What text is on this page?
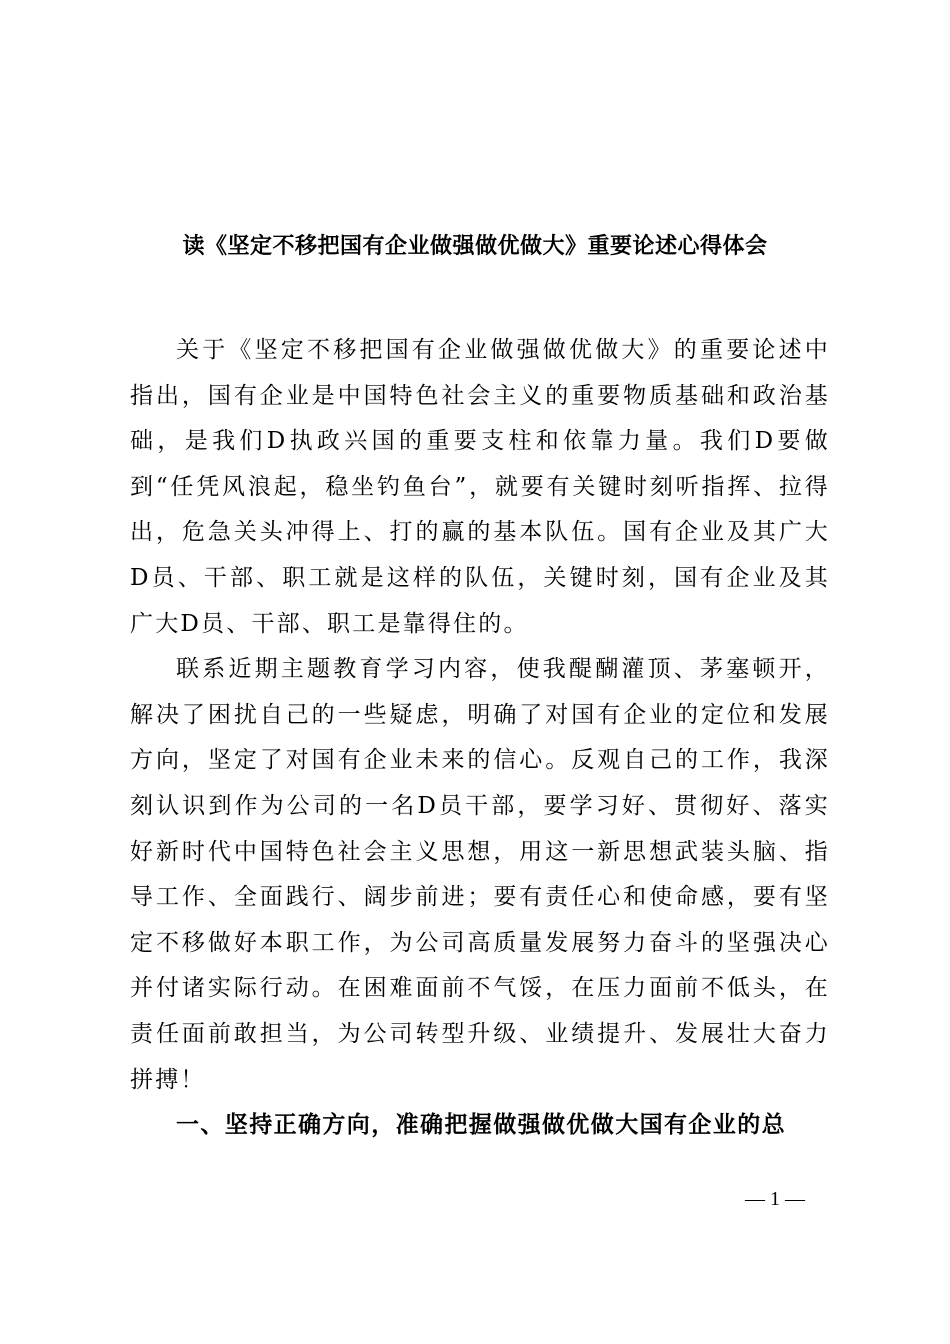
读《坚定不移把国有企业做强做优做大》重要论述心得体会

关于《坚定不移把国有企业做强做优做大》的重要论述中指出，国有企业是中国特色社会主义的重要物质基础和政治基础，是我们D执政兴国的重要支柱和依靠力量。我们D要做到“任凭风浪起，稳坐钓鱼台”，就要有关键时刻听指挥、拉得出，危急关头冲得上、打的赢的基本队伍。国有企业及其广大D员、干部、职工就是这样的队伍，关键时刻，国有企业及其广大D员、干部、职工是靠得住的。

联系近期主题教育学习内容，使我醍醐灌顶、茅塞顿开，解决了困扰自己的一些疑虑，明确了对国有企业的定位和发展方向，坚定了对国有企业未来的信心。反观自己的工作，我深刻认识到作为公司的一名D员干部，要学习好、贯彻好、落实好新时代中国特色社会主义思想，用这一新思想武装头脑、指导工作、全面践行、阔步前进；要有责任心和使命感，要有坚定不移做好本职工作，为公司高质量发展努力奋斗的坚强决心并付诸实际行动。在困难面前不气馁，在压力面前不低头，在责任面前敢担当，为公司转型升级、业绩提升、发展壮大奋力拼搏！

一、坚持正确方向，准确把握做强做优做大国有企业的总

— 1 —
